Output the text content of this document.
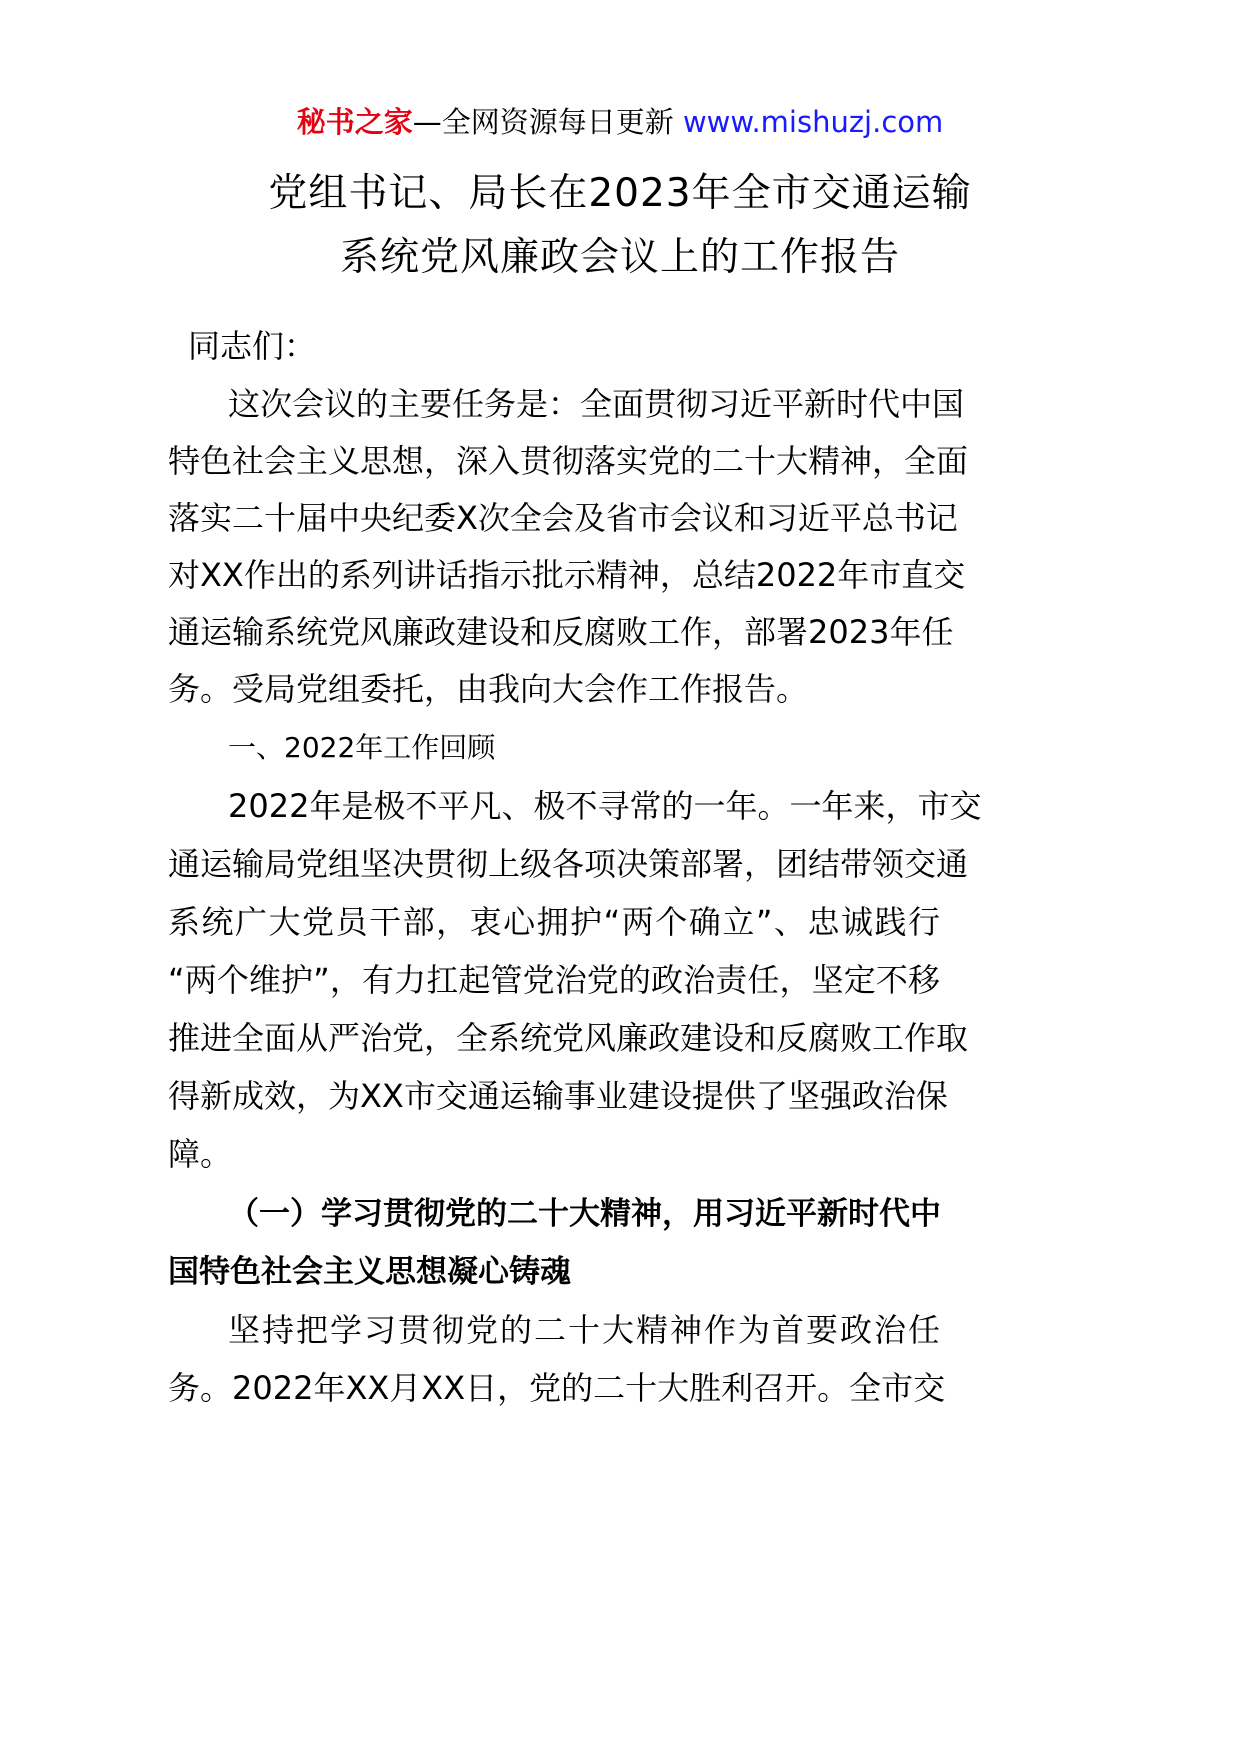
秘书之家—全网资源每日更新 www.mishuzj.com
党组书记、局长在2023年全市交通运输
系统党风廉政会议上的工作报告
同志们：
这次会议的主要任务是：全面贯彻习近平新时代中国
特色社会主义思想，深入贯彻落实党的二十大精神，全面
落实二十届中央纪委X次全会及省市会议和习近平总书记
对XX作出的系列讲话指示批示精神，总结2022年市直交
通运输系统党风廉政建设和反腐败工作，部署2023年任
务。受局党组委托，由我向大会作工作报告。
一、2022年工作回顾
2022年是极不平凡、极不寻常的一年。一年来，市交
通运输局党组坚决贯彻上级各项决策部署，团结带领交通
系统广大党员干部，衷心拥护“两个确立”、忠诚践行
“两个维护”，有力扛起管党治党的政治责任，坚定不移
推进全面从严治党，全系统党风廉政建设和反腐败工作取
得新成效，为XX市交通运输事业建设提供了坚强政治保
障。
（一）学习贯彻党的二十大精神，用习近平新时代中
国特色社会主义思想凝心铸魂
坚持把学习贯彻党的二十大精神作为首要政治任
务。2022年XX月XX日，党的二十大胜利召开。全市交
